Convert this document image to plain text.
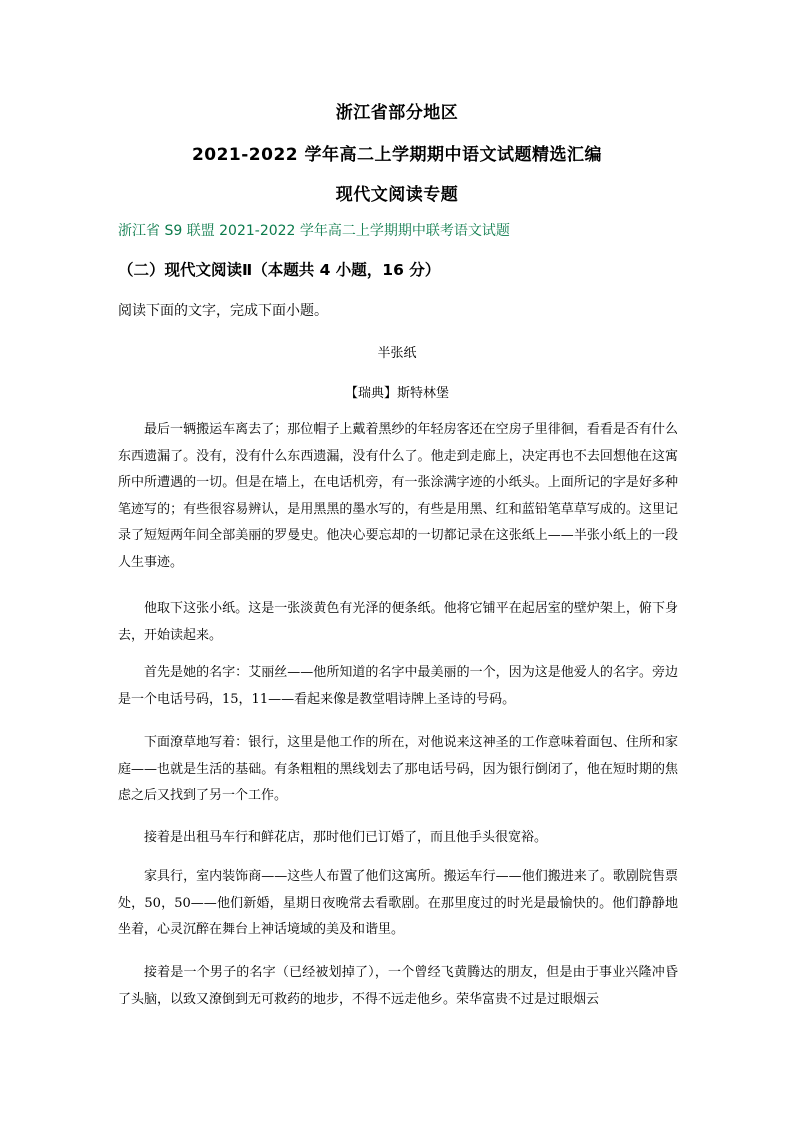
浙江省部分地区
2021-2022 学年高二上学期期中语文试题精选汇编
现代文阅读专题
浙江省 S9 联盟 2021-2022 学年高二上学期期中联考语文试题
（二）现代文阅读Ⅱ（本题共 4 小题，16 分）
阅读下面的文字，完成下面小题。
半张纸
【瑞典】斯特林堡

最后一辆搬运车离去了；那位帽子上戴着黑纱的年轻房客还在空房子里徘徊，看看是否有什么东西遗漏了。没有，没有什么东西遗漏，没有什么了。他走到走廊上，决定再也不去回想他在这寓所中所遭遇的一切。但是在墙上，在电话机旁，有一张涂满字迹的小纸头。上面所记的字是好多种笔迹写的；有些很容易辨认，是用黑黑的墨水写的，有些是用黑、红和蓝铅笔草草写成的。这里记录了短短两年间全部美丽的罗曼史。他决心要忘却的一切都记录在这张纸上——半张小纸上的一段人生事迹。

他取下这张小纸。这是一张淡黄色有光泽的便条纸。他将它铺平在起居室的壁炉架上，俯下身去，开始读起来。

首先是她的名字：艾丽丝——他所知道的名字中最美丽的一个，因为这是他爱人的名字。旁边是一个电话号码，15，11——看起来像是教堂唱诗牌上圣诗的号码。

下面潦草地写着：银行，这里是他工作的所在，对他说来这神圣的工作意味着面包、住所和家庭——也就是生活的基础。有条粗粗的黑线划去了那电话号码，因为银行倒闭了，他在短时期的焦虑之后又找到了另一个工作。

接着是出租马车行和鲜花店，那时他们已订婚了，而且他手头很宽裕。

家具行，室内装饰商——这些人布置了他们这寓所。搬运车行——他们搬进来了。歌剧院售票处，50，50——他们新婚，星期日夜晚常去看歌剧。在那里度过的时光是最愉快的。他们静静地坐着，心灵沉醉在舞台上神话境域的美及和谐里。

接着是一个男子的名字（已经被划掉了），一个曾经飞黄腾达的朋友，但是由于事业兴隆冲昏了头脑，以致又潦倒到无可救药的地步，不得不远走他乡。荣华富贵不过是过眼烟云
